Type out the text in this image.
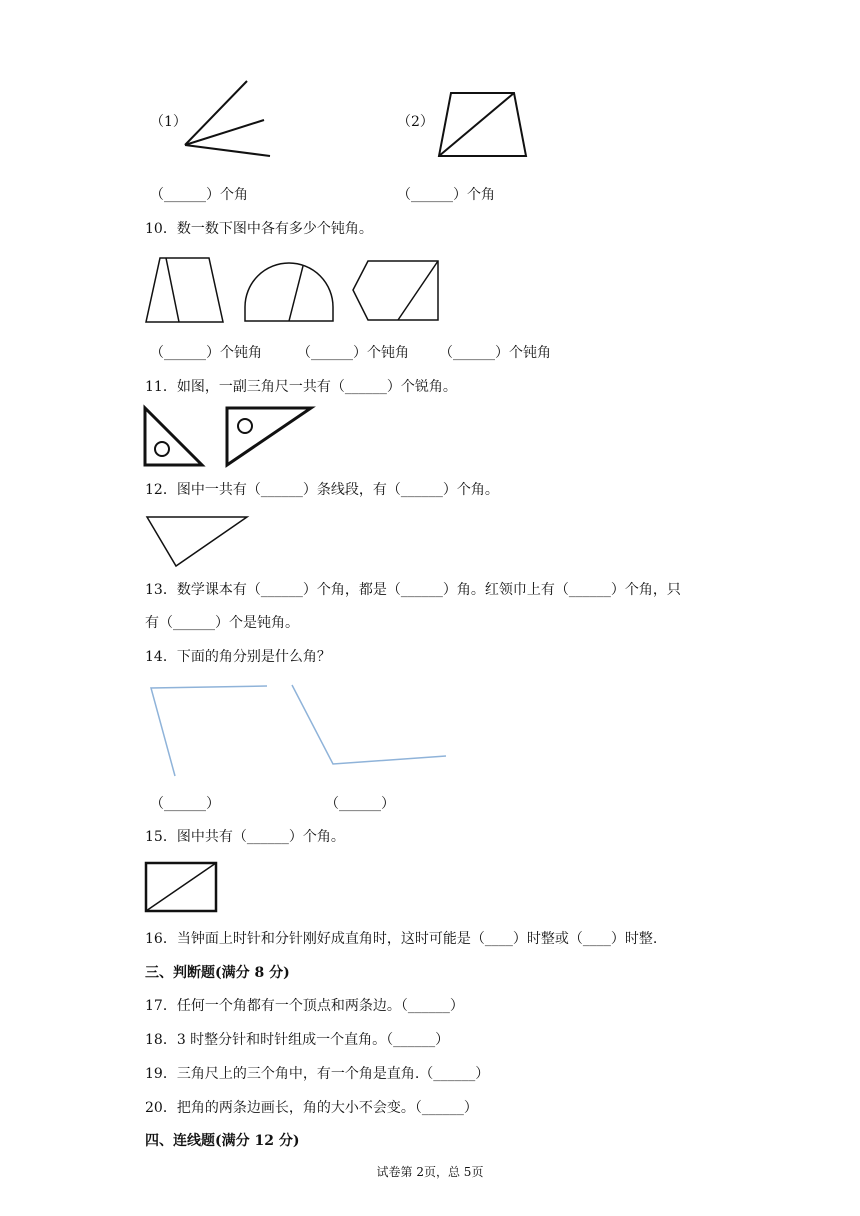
（1）	（2）
（______）个角	（______）个角
10．数一数下图中各有多少个钝角。
（______）个钝角	（______）个钝角 （______）个钝角
11．如图，一副三角尺一共有（______）个锐角。
12．图中一共有（______）条线段，有（______）个角。
13．数学课本有（______）个角，都是（______）角。红领巾上有（______）个角，只
有（______）个是钝角。
14．下面的角分别是什么角？
（______）	（______）
15．图中共有（______）个角。
16．当钟面上时针和分针刚好成直角时，这时可能是（____）时整或（____）时整.
三、判断题(满分 8 分)
17．任何一个角都有一个顶点和两条边。（______）
18．3 时整分针和时针组成一个直角。（______）
19．三角尺上的三个角中，有一个角是直角.（______）
20．把角的两条边画长，角的大小不会变。（______）
四、连线题(满分 12 分)
试卷第 2页，总 5页
